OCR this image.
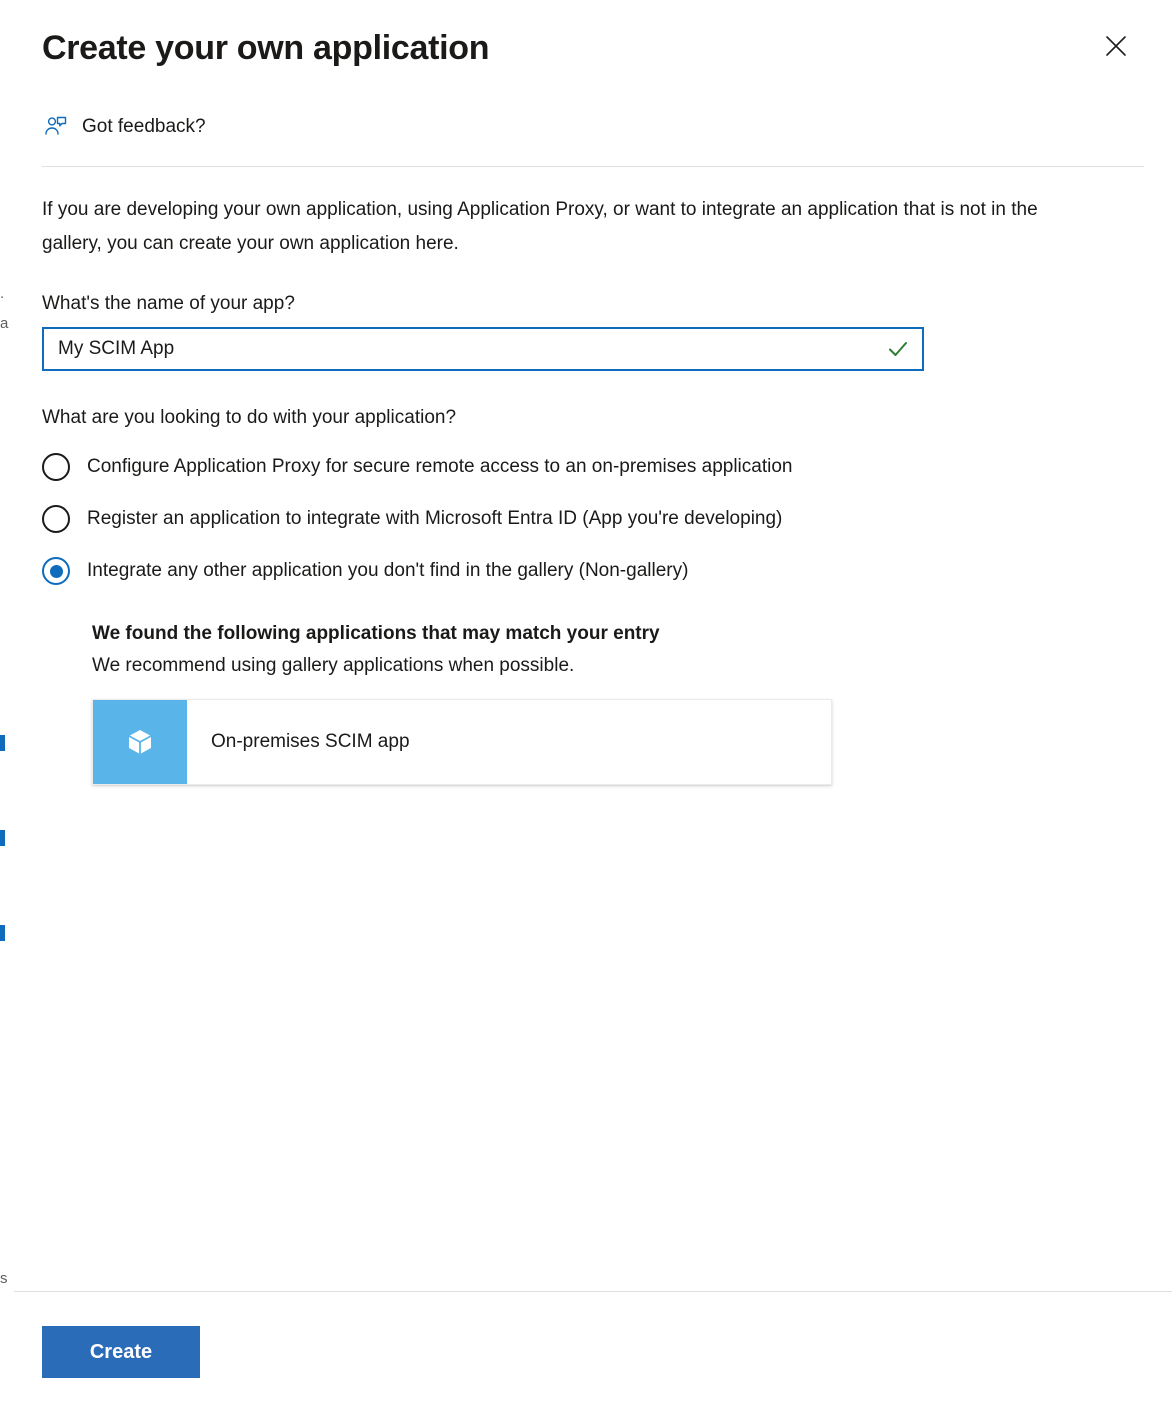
.
a
s
Create your own application
Got feedback?

If you are developing your own application, using Application Proxy, or want to integrate an application that is not in the gallery, you can create your own application here.

What's the name of your app?
My SCIM App
What are you looking to do with your application?
Configure Application Proxy for secure remote access to an on-premises application
Register an application to integrate with Microsoft Entra ID (App you're developing)
Integrate any other application you don't find in the gallery (Non-gallery)
We found the following applications that may match your entry
We recommend using gallery applications when possible.
On-premises SCIM app
Create
